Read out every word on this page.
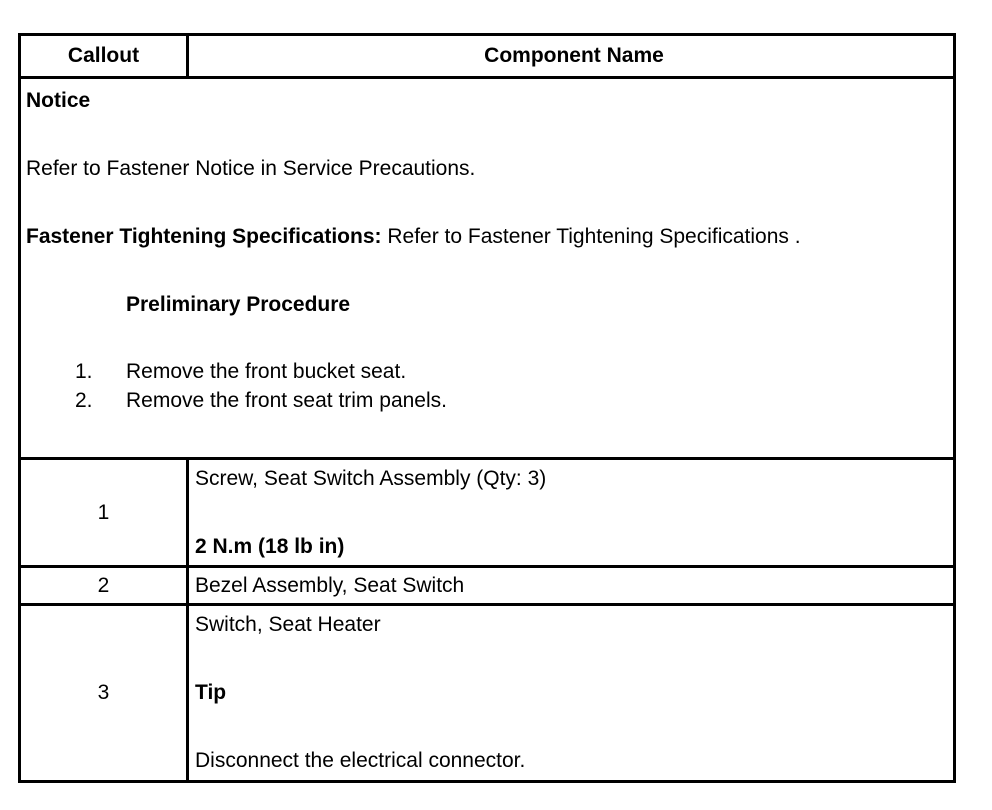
Callout	Component Name
Notice
Refer to Fastener Notice in Service Precautions.
Fastener Tightening Specifications: Refer to Fastener Tightening Specifications .
Preliminary Procedure
1. Remove the front bucket seat.
2. Remove the front seat trim panels.
1
Screw, Seat Switch Assembly (Qty: 3)
2 N.m (18 lb in)
2	Bezel Assembly, Seat Switch
3
Switch, Seat Heater
Tip
Disconnect the electrical connector.
